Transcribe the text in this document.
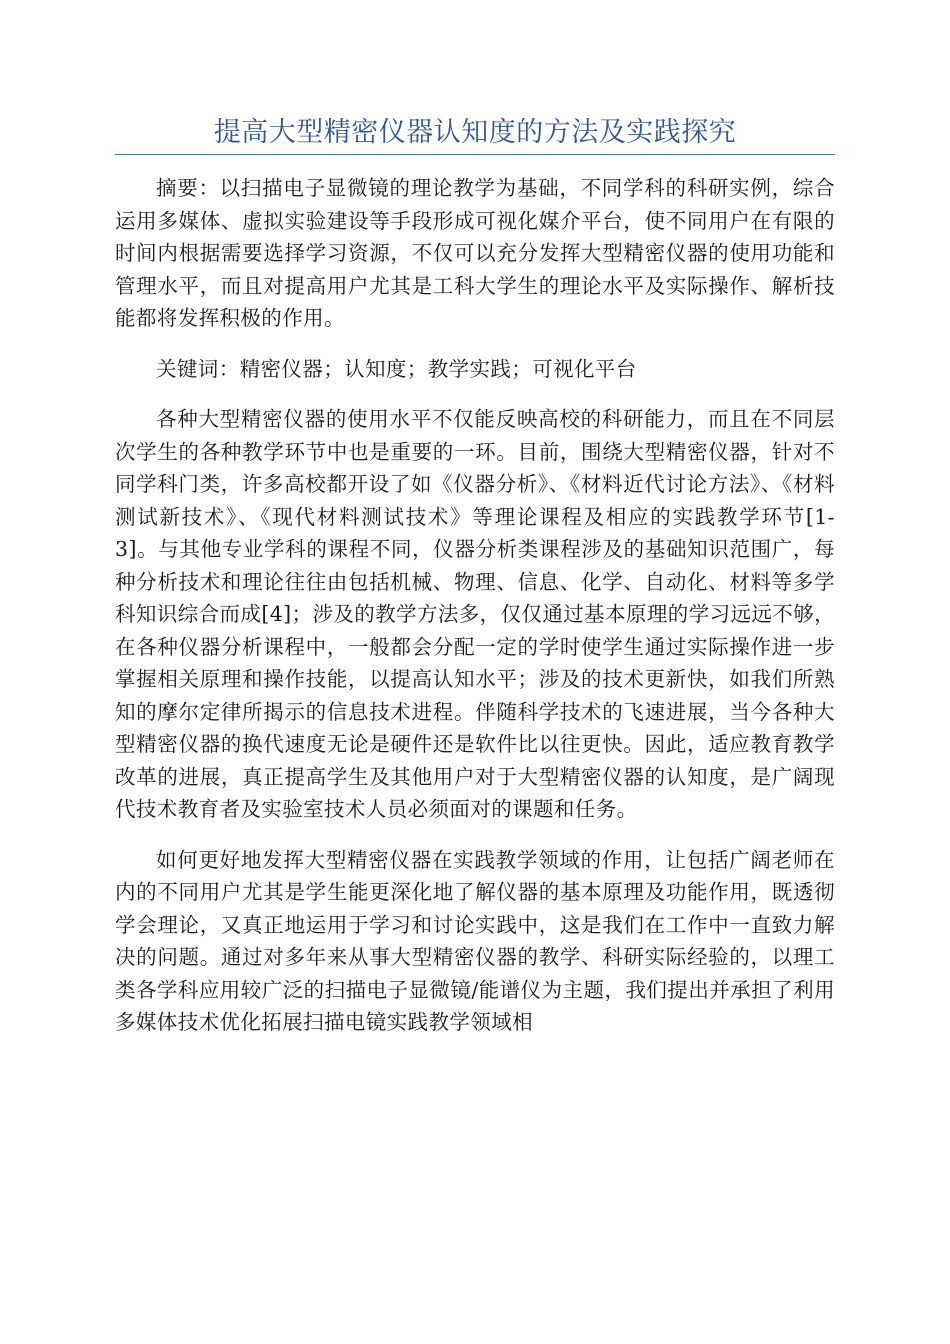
提高大型精密仪器认知度的方法及实践探究

摘要：以扫描电子显微镜的理论教学为基础，不同学科的科研实例，综合运用多媒体、虚拟实验建设等手段形成可视化媒介平台，使不同用户在有限的时间内根据需要选择学习资源，不仅可以充分发挥大型精密仪器的使用功能和管理水平，而且对提高用户尤其是工科大学生的理论水平及实际操作、解析技能都将发挥积极的作用。

关键词：精密仪器；认知度；教学实践；可视化平台

各种大型精密仪器的使用水平不仅能反映高校的科研能力，而且在不同层次学生的各种教学环节中也是重要的一环。目前，围绕大型精密仪器，针对不同学科门类，许多高校都开设了如《仪器分析》、《材料近代讨论方法》、《材料测试新技术》、《现代材料测试技术》等理论课程及相应的实践教学环节[1-3]。与其他专业学科的课程不同，仪器分析类课程涉及的基础知识范围广，每种分析技术和理论往往由包括机械、物理、信息、化学、自动化、材料等多学科知识综合而成[4]；涉及的教学方法多，仅仅通过基本原理的学习远远不够，在各种仪器分析课程中，一般都会分配一定的学时使学生通过实际操作进一步掌握相关原理和操作技能，以提高认知水平；涉及的技术更新快，如我们所熟知的摩尔定律所揭示的信息技术进程。伴随科学技术的飞速进展，当今各种大型精密仪器的换代速度无论是硬件还是软件比以往更快。因此，适应教育教学改革的进展，真正提高学生及其他用户对于大型精密仪器的认知度，是广阔现代技术教育者及实验室技术人员必须面对的课题和任务。

如何更好地发挥大型精密仪器在实践教学领域的作用，让包括广阔老师在内的不同用户尤其是学生能更深化地了解仪器的基本原理及功能作用，既透彻学会理论，又真正地运用于学习和讨论实践中，这是我们在工作中一直致力解决的问题。通过对多年来从事大型精密仪器的教学、科研实际经验的，以理工类各学科应用较广泛的扫描电子显微镜/能谱仪为主题，我们提出并承担了利用多媒体技术优化拓展扫描电镜实践教学领域相
